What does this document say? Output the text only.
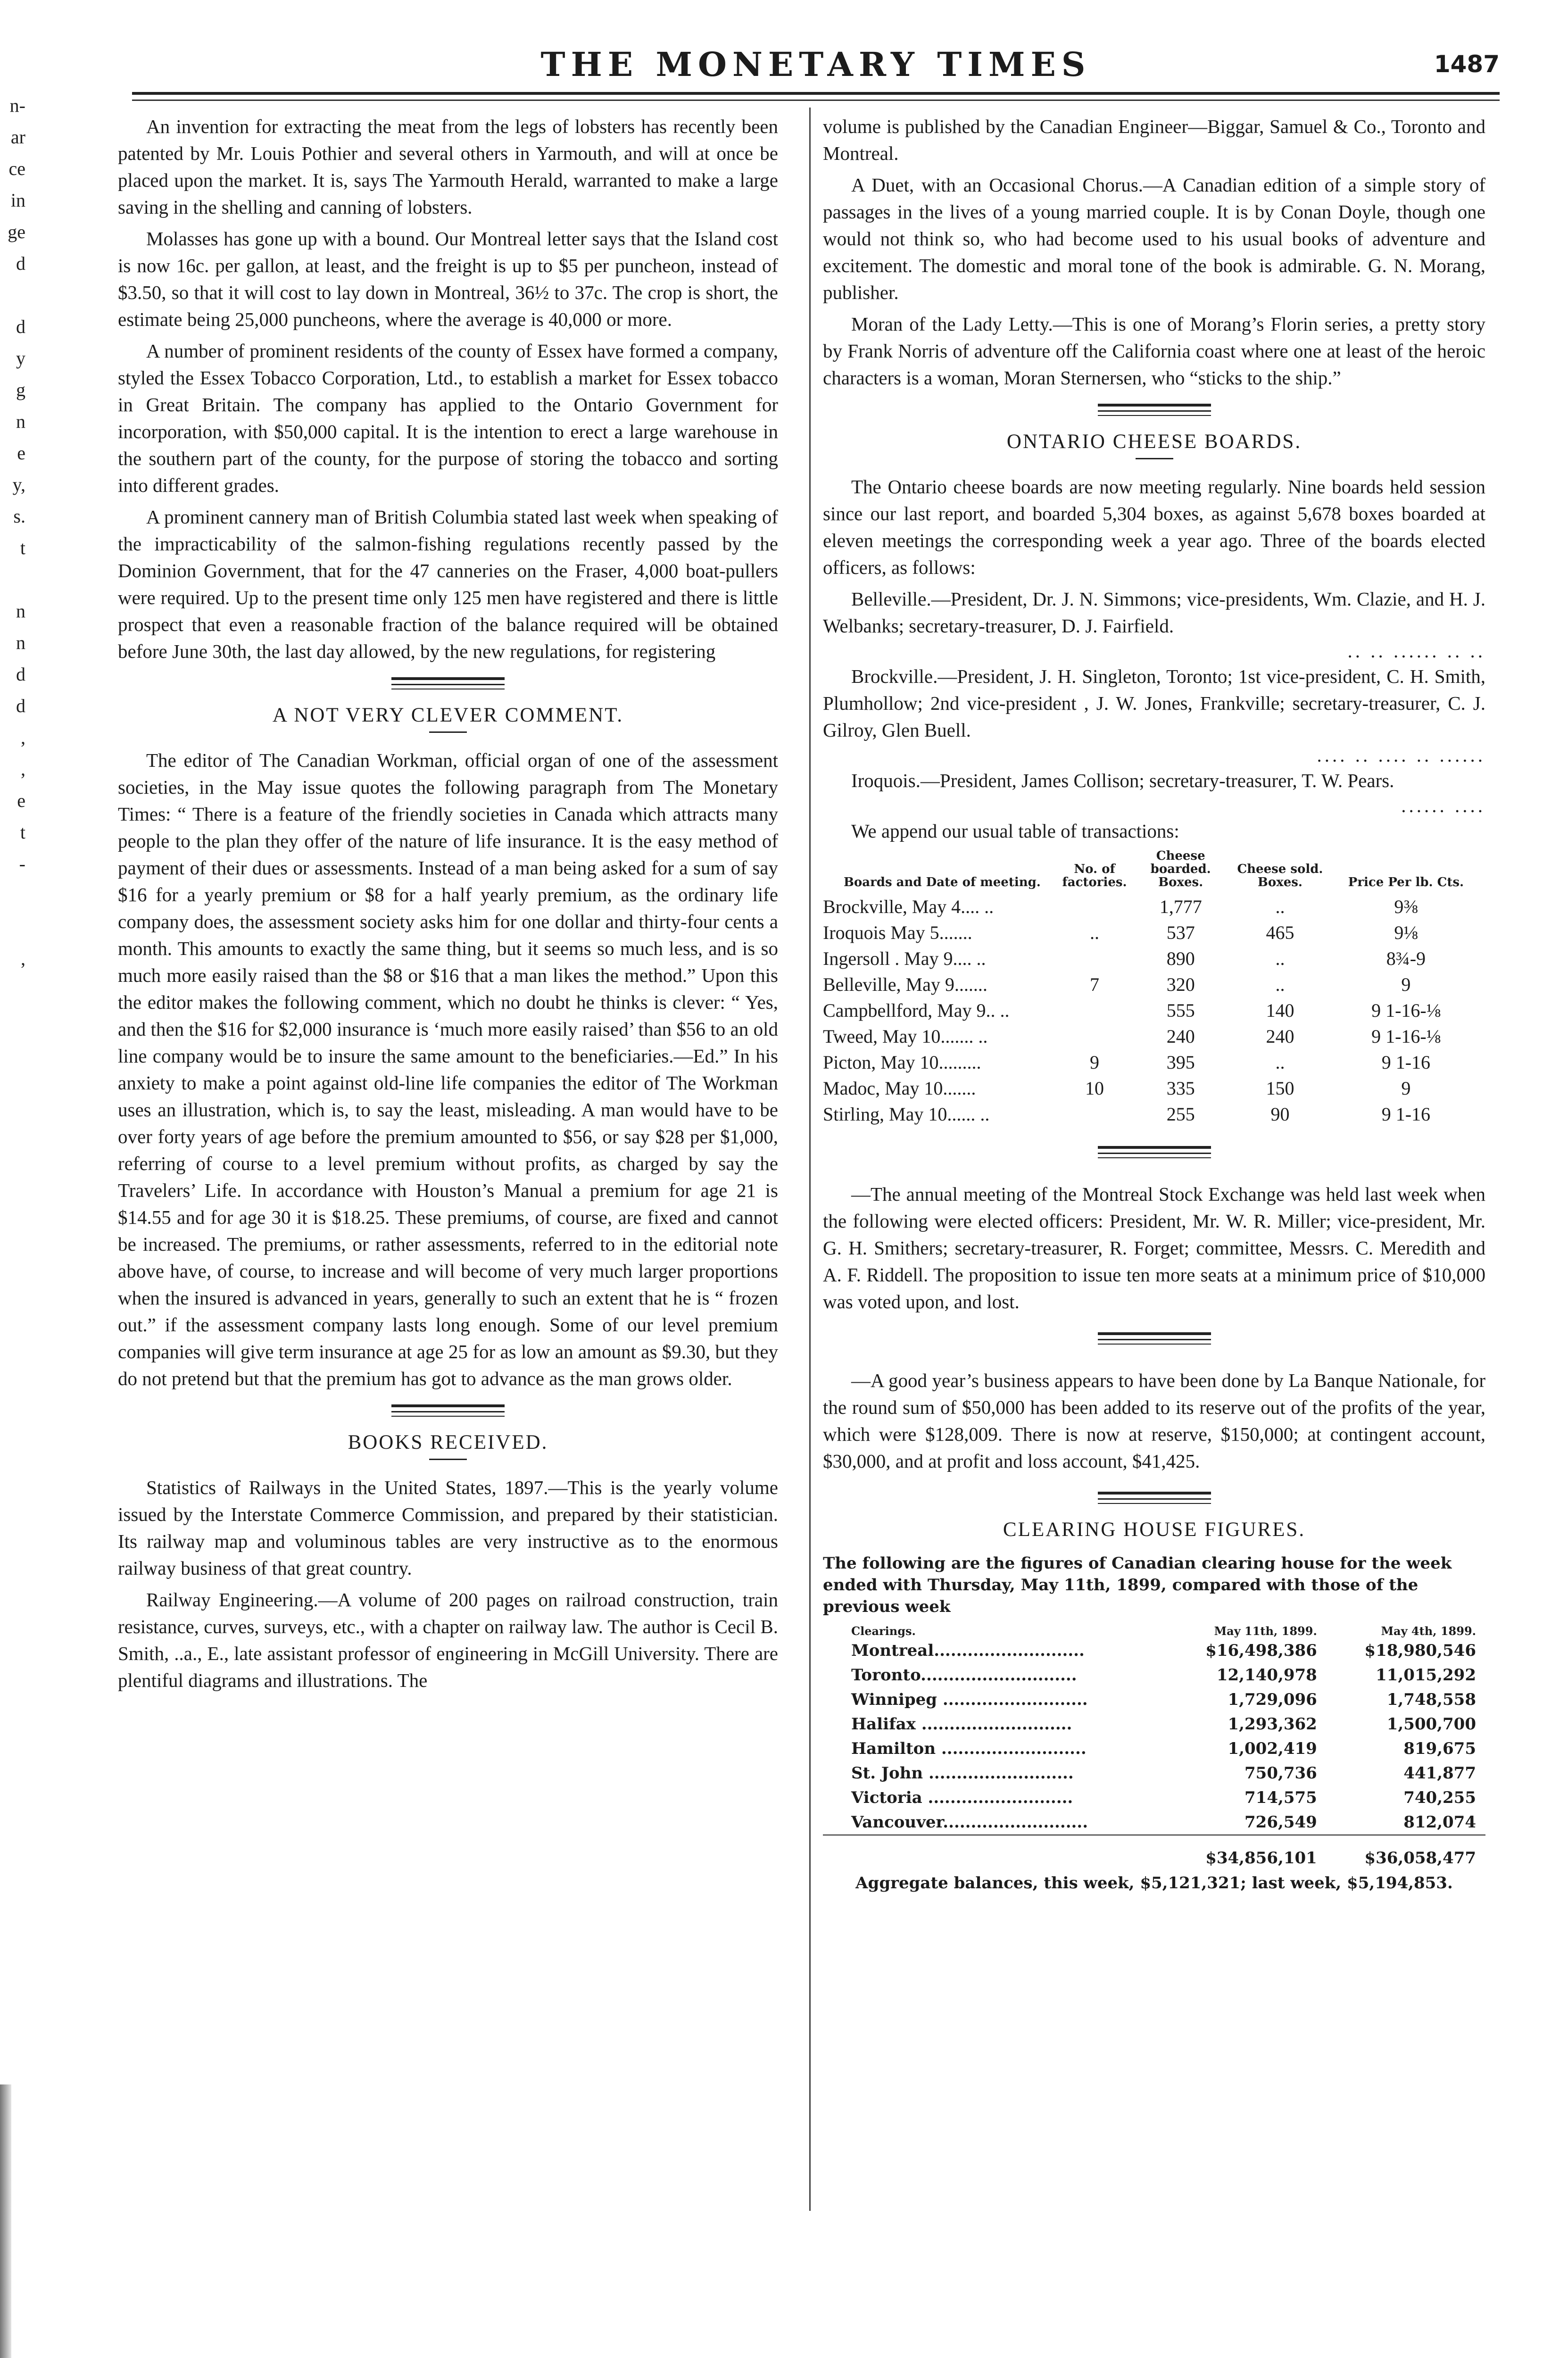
n-
ar
ce
in
ge
d
d
y
g
n
e
y,
s.
t
n
n
d
d
,
,
e
t
-
,
THE MONETARY TIMES	1487

An invention for extracting the meat from the legs of lobsters has recently been patented by Mr. Louis Pothier and several others in Yarmouth, and will at once be placed upon the market. It is, says The Yarmouth Herald, warranted to make a large saving in the shelling and canning of lobsters.

Molasses has gone up with a bound. Our Montreal letter says that the Island cost is now 16c. per gallon, at least, and the freight is up to $5 per puncheon, instead of $3.50, so that it will cost to lay down in Montreal, 36½ to 37c. The crop is short, the estimate being 25,000 puncheons, where the average is 40,000 or more.

A number of prominent residents of the county of Essex have formed a company, styled the Essex Tobacco Corporation, Ltd., to establish a market for Essex tobacco in Great Britain. The company has applied to the Ontario Government for incorporation, with $50,000 capital. It is the intention to erect a large warehouse in the southern part of the county, for the purpose of storing the tobacco and sorting into different grades.

A prominent cannery man of British Columbia stated last week when speaking of the impracticability of the salmon-fishing regulations recently passed by the Dominion Government, that for the 47 canneries on the Fraser, 4,000 boat-pullers were required. Up to the present time only 125 men have registered and there is little prospect that even a reasonable fraction of the balance required will be obtained before June 30th, the last day allowed, by the new regulations, for registering

A NOT VERY CLEVER COMMENT.

The editor of The Canadian Workman, official organ of one of the assessment societies, in the May issue quotes the following paragraph from The Monetary Times: “ There is a feature of the friendly societies in Canada which attracts many people to the plan they offer of the nature of life insurance. It is the easy method of payment of their dues or assessments. Instead of a man being asked for a sum of say $16 for a yearly premium or $8 for a half yearly premium, as the ordinary life company does, the assessment society asks him for one dollar and thirty-four cents a month. This amounts to exactly the same thing, but it seems so much less, and is so much more easily raised than the $8 or $16 that a man likes the method.” Upon this the editor makes the following comment, which no doubt he thinks is clever: “ Yes, and then the $16 for $2,000 insurance is ‘much more easily raised’ than $56 to an old line company would be to insure the same amount to the beneficiaries.—Ed.” In his anxiety to make a point against old-line life companies the editor of The Workman uses an illustration, which is, to say the least, misleading. A man would have to be over forty years of age before the premium amounted to $56, or say $28 per $1,000, referring of course to a level premium without profits, as charged by say the Travelers’ Life. In accordance with Houston’s Manual a premium for age 21 is $14.55 and for age 30 it is $18.25. These premiums, of course, are fixed and cannot be increased. The premiums, or rather assessments, referred to in the editorial note above have, of course, to increase and will become of very much larger proportions when the insured is advanced in years, generally to such an extent that he is “ frozen out.” if the assessment company lasts long enough. Some of our level premium companies will give term insurance at age 25 for as low an amount as $9.30, but they do not pretend but that the premium has got to advance as the man grows older.

BOOKS RECEIVED.

Statistics of Railways in the United States, 1897.—This is the yearly volume issued by the Interstate Commerce Commission, and prepared by their statistician. Its railway map and voluminous tables are very instructive as to the enormous railway business of that great country.

Railway Engineering.—A volume of 200 pages on railroad construction, train resistance, curves, surveys, etc., with a chapter on railway law. The author is Cecil B. Smith, ..a., E., late assistant professor of engineering in McGill University. There are plentiful diagrams and illustrations. The

volume is published by the Canadian Engineer—Biggar, Samuel & Co., Toronto and Montreal.

A Duet, with an Occasional Chorus.—A Canadian edition of a simple story of passages in the lives of a young married couple. It is by Conan Doyle, though one would not think so, who had become used to his usual books of adventure and excitement. The domestic and moral tone of the book is admirable. G. N. Morang, publisher.

Moran of the Lady Letty.—This is one of Morang’s Florin series, a pretty story by Frank Norris of adventure off the California coast where one at least of the heroic characters is a woman, Moran Sternersen, who “sticks to the ship.”

ONTARIO CHEESE BOARDS.

The Ontario cheese boards are now meeting regularly. Nine boards held session since our last report, and boarded 5,304 boxes, as against 5,678 boxes boarded at eleven meetings the corresponding week a year ago. Three of the boards elected officers, as follows:

Belleville.—President, Dr. J. N. Simmons; vice-presidents, Wm. Clazie, and H. J. Welbanks; secretary-treasurer, D. J. Fairfield.

.. .. ...... .. ..

Brockville.—President, J. H. Singleton, Toronto; 1st vice-president, C. H. Smith, Plumhollow; 2nd vice-president , J. W. Jones, Frankville; secretary-treasurer, C. J. Gilroy, Glen Buell.

.... .. .... .. ......

Iroquois.—President, James Collison; secretary-treasurer, T. W. Pears.

...... ....

We append our usual table of transactions:

Boards and Date of meeting.	No. of factories.	Cheese boarded. Boxes.	Cheese sold. Boxes.	Price Per lb. Cts.
Brockville, May 4.... ..		1,777	..	9⅜
Iroquois May 5.......	..	537	465	9⅛
Ingersoll . May 9.... ..		890	..	8¾-9
Belleville, May 9.......	7	320	..	9
Campbellford, May 9.. ..		555	140	9 1-16-⅛
Tweed, May 10....... ..		240	240	9 1-16-⅛
Picton, May 10.........	9	395	..	9 1-16
Madoc, May 10.......	10	335	150	9
Stirling, May 10...... ..		255	90	9 1-16

—The annual meeting of the Montreal Stock Exchange was held last week when the following were elected officers: President, Mr. W. R. Miller; vice-president, Mr. G. H. Smithers; secretary-treasurer, R. Forget; committee, Messrs. C. Meredith and A. F. Riddell. The proposition to issue ten more seats at a minimum price of $10,000 was voted upon, and lost.

—A good year’s business appears to have been done by La Banque Nationale, for the round sum of $50,000 has been added to its reserve out of the profits of the year, which were $128,009. There is now at reserve, $150,000; at contingent account, $30,000, and at profit and loss account, $41,425.

CLEARING HOUSE FIGURES.
The following are the figures of Canadian clearing house for the week ended with Thursday, May 11th, 1899, compared with those of the previous week
Clearings.	May 11th, 1899.	May 4th, 1899.
Montreal...........................	$16,498,386	$18,980,546
Toronto............................	12,140,978	11,015,292
Winnipeg ..........................	1,729,096	1,748,558
Halifax ...........................	1,293,362	1,500,700
Hamilton ..........................	1,002,419	819,675
St. John ..........................	750,736	441,877
Victoria ..........................	714,575	740,255
Vancouver..........................	726,549	812,074
	$34,856,101	$36,058,477
Aggregate balances, this week, $5,121,321; last week, $5,194,853.
